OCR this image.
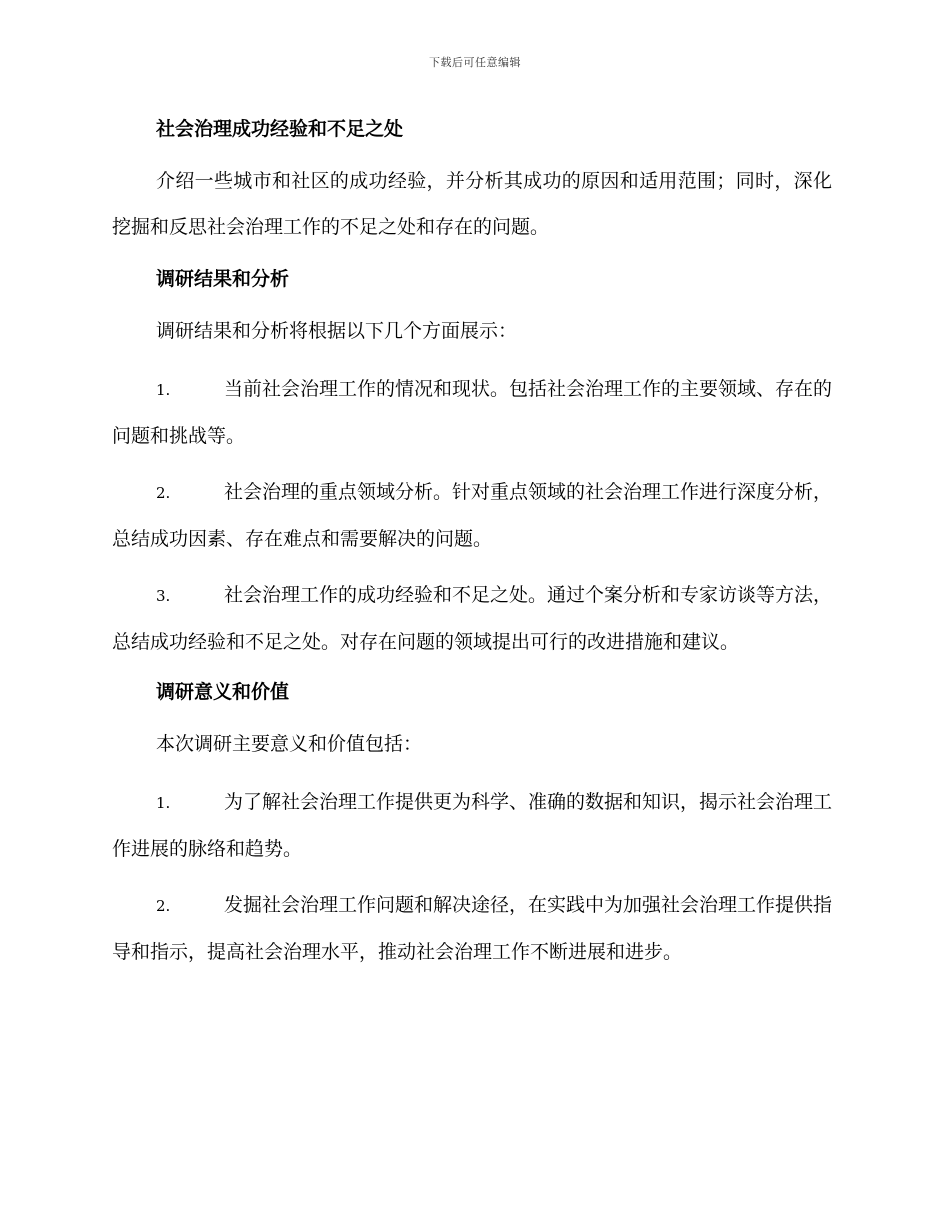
下载后可任意编辑
社会治理成功经验和不足之处
介绍一些城市和社区的成功经验，并分析其成功的原因和适用范围；同时，深化挖掘和反思社会治理工作的不足之处和存在的问题。
调研结果和分析
调研结果和分析将根据以下几个方面展示：
1.	当前社会治理工作的情况和现状。包括社会治理工作的主要领域、存在的问题和挑战等。
2.	社会治理的重点领域分析。针对重点领域的社会治理工作进行深度分析，总结成功因素、存在难点和需要解决的问题。
3.	社会治理工作的成功经验和不足之处。通过个案分析和专家访谈等方法，总结成功经验和不足之处。对存在问题的领域提出可行的改进措施和建议。
调研意义和价值
本次调研主要意义和价值包括：
1.	为了解社会治理工作提供更为科学、准确的数据和知识，揭示社会治理工作进展的脉络和趋势。
2.	发掘社会治理工作问题和解决途径，在实践中为加强社会治理工作提供指导和指示，提高社会治理水平，推动社会治理工作不断进展和进步。
